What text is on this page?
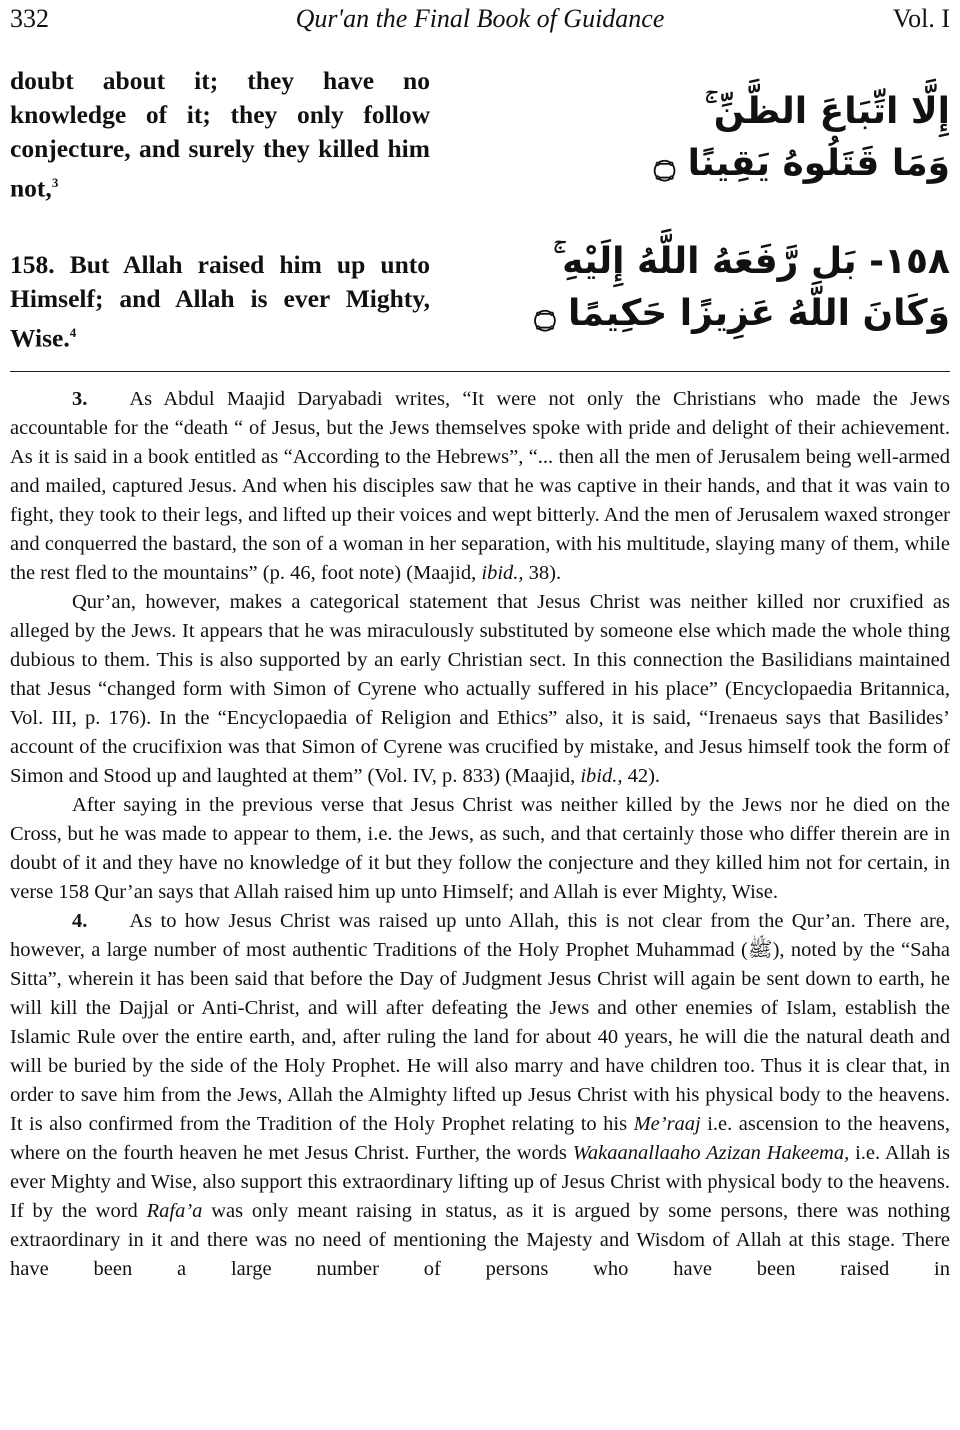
332	Qur'an the Final Book of Guidance	Vol. I
doubt about it; they have no knowledge of it; they only follow conjecture, and surely they killed him not,$^3$
إِلَّا اتِّبَاعَ الظَّنِّ ۚ
وَمَا قَتَلُوهُ يَقِينًا ۝
158. But Allah raised him up unto Himself; and Allah is ever Mighty, Wise.$^4$
١٥٨- بَل رَّفَعَهُ اللَّهُ إِلَيْهِ ۚ
وَكَانَ اللَّهُ عَزِيزًا حَكِيمًا ۝

3. As Abdul Maajid Daryabadi writes, “It were not only the Christians who made the Jews accountable for the “death “ of Jesus, but the Jews themselves spoke with pride and delight of their achievement. As it is said in a book entitled as “According to the Hebrews”, “... then all the men of Jerusalem being well-armed and mailed, captured Jesus. And when his disciples saw that he was captive in their hands, and that it was vain to fight, they took to their legs, and lifted up their voices and wept bitterly. And the men of Jerusalem waxed stronger and conquerred the bastard, the son of a woman in her separation, with his multitude, slaying many of them, while the rest fled to the mountains” (p. 46, foot note) (Maajid, ibid., 38).

Qur’an, however, makes a categorical statement that Jesus Christ was neither killed nor cruxified as alleged by the Jews. It appears that he was miraculously substituted by someone else which made the whole thing dubious to them. This is also supported by an early Christian sect. In this connection the Basilidians maintained that Jesus “changed form with Simon of Cyrene who actually suffered in his place” (Encyclopaedia Britannica, Vol. III, p. 176). In the “Encyclopaedia of Religion and Ethics” also, it is said, “Irenaeus says that Basilides’ account of the crucifixion was that Simon of Cyrene was crucified by mistake, and Jesus himself took the form of Simon and Stood up and laughted at them” (Vol. IV, p. 833) (Maajid, ibid., 42).

After saying in the previous verse that Jesus Christ was neither killed by the Jews nor he died on the Cross, but he was made to appear to them, i.e. the Jews, as such, and that certainly those who differ therein are in doubt of it and they have no knowledge of it but they follow the conjecture and they killed him not for certain, in verse 158 Qur’an says that Allah raised him up unto Himself; and Allah is ever Mighty, Wise.

4. As to how Jesus Christ was raised up unto Allah, this is not clear from the Qur’an. There are, however, a large number of most authentic Traditions of the Holy Prophet Muhammad (ﷺ), noted by the “Saha Sitta”, wherein it has been said that before the Day of Judgment Jesus Christ will again be sent down to earth, he will kill the Dajjal or Anti-Christ, and will after defeating the Jews and other enemies of Islam, establish the Islamic Rule over the entire earth, and, after ruling the land for about 40 years, he will die the natural death and will be buried by the side of the Holy Prophet. He will also marry and have children too. Thus it is clear that, in order to save him from the Jews, Allah the Almighty lifted up Jesus Christ with his physical body to the heavens. It is also confirmed from the Tradition of the Holy Prophet relating to his Me’raaj i.e. ascension to the heavens, where on the fourth heaven he met Jesus Christ. Further, the words Wakaanallaaho Azizan Hakeema, i.e. Allah is ever Mighty and Wise, also support this extraordinary lifting up of Jesus Christ with physical body to the heavens. If by the word Rafa’a was only meant raising in status, as it is argued by some persons, there was nothing extraordinary in it and there was no need of mentioning the Majesty and Wisdom of Allah at this stage. There have been a large number of persons who have been raised in
